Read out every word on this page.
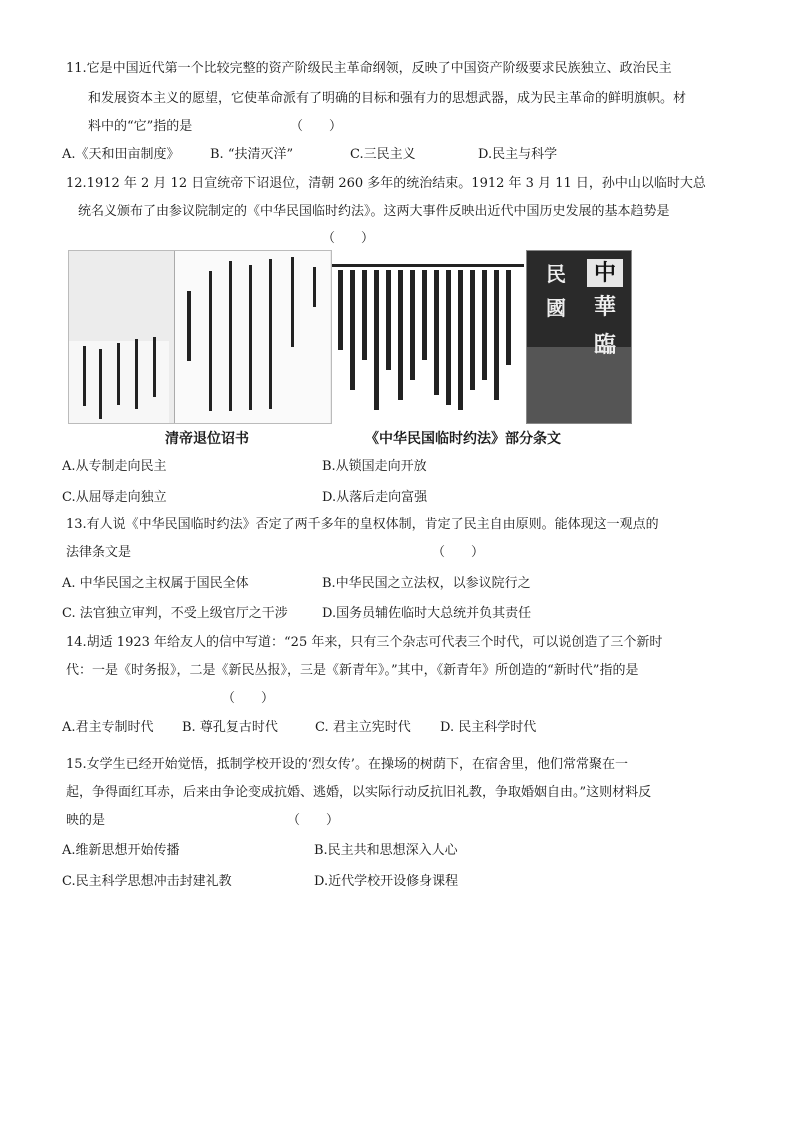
11.它是中国近代第一个比较完整的资产阶级民主革命纲领，反映了中国资产阶级要求民族独立、政治民主
和发展资本主义的愿望，它使革命派有了明确的目标和强有力的思想武器，成为民主革命的鲜明旗帜。材
料中的“它”指的是	（　　）
A.《天和田亩制度》 B. “扶清灭洋”	C.三民主义	D.民主与科学
12.1912 年 2 月 12 日宣统帝下诏退位，清朝 260 多年的统治结束。1912 年 3 月 11 日，孙中山以临时大总
统名义颁布了由参议院制定的《中华民国临时约法》。这两大事件反映出近代中国历史发展的基本趋势是
（　　）
清帝退位诏书
中
華
民
國
臨
《中华民国临时约法》部分条文
A.从专制走向民主	B.从锁国走向开放
C.从屈辱走向独立	D.从落后走向富强
13.有人说《中华民国临时约法》否定了两千多年的皇权体制，肯定了民主自由原则。能体现这一观点的
法律条文是	（　　）
A. 中华民国之主权属于国民全体	B.中华民国之立法权，以参议院行之
C. 法官独立审判，不受上级官厅之干涉	D.国务员辅佐临时大总统并负其责任
14.胡适 1923 年给友人的信中写道：“25 年来，只有三个杂志可代表三个时代，可以说创造了三个新时
代：一是《时务报》，二是《新民丛报》，三是《新青年》。”其中，《新青年》所创造的“新时代”指的是
（　　）
A.君主专制时代 B. 尊孔复古时代	C. 君主立宪时代 D. 民主科学时代
15.女学生已经开始觉悟，抵制学校开设的‘烈女传’。在操场的树荫下，在宿舍里，他们常常聚在一
起，争得面红耳赤，后来由争论变成抗婚、逃婚，以实际行动反抗旧礼教，争取婚姻自由。”这则材料反
映的是	（　　）
A.维新思想开始传播	B.民主共和思想深入人心
C.民主科学思想冲击封建礼教	D.近代学校开设修身课程
